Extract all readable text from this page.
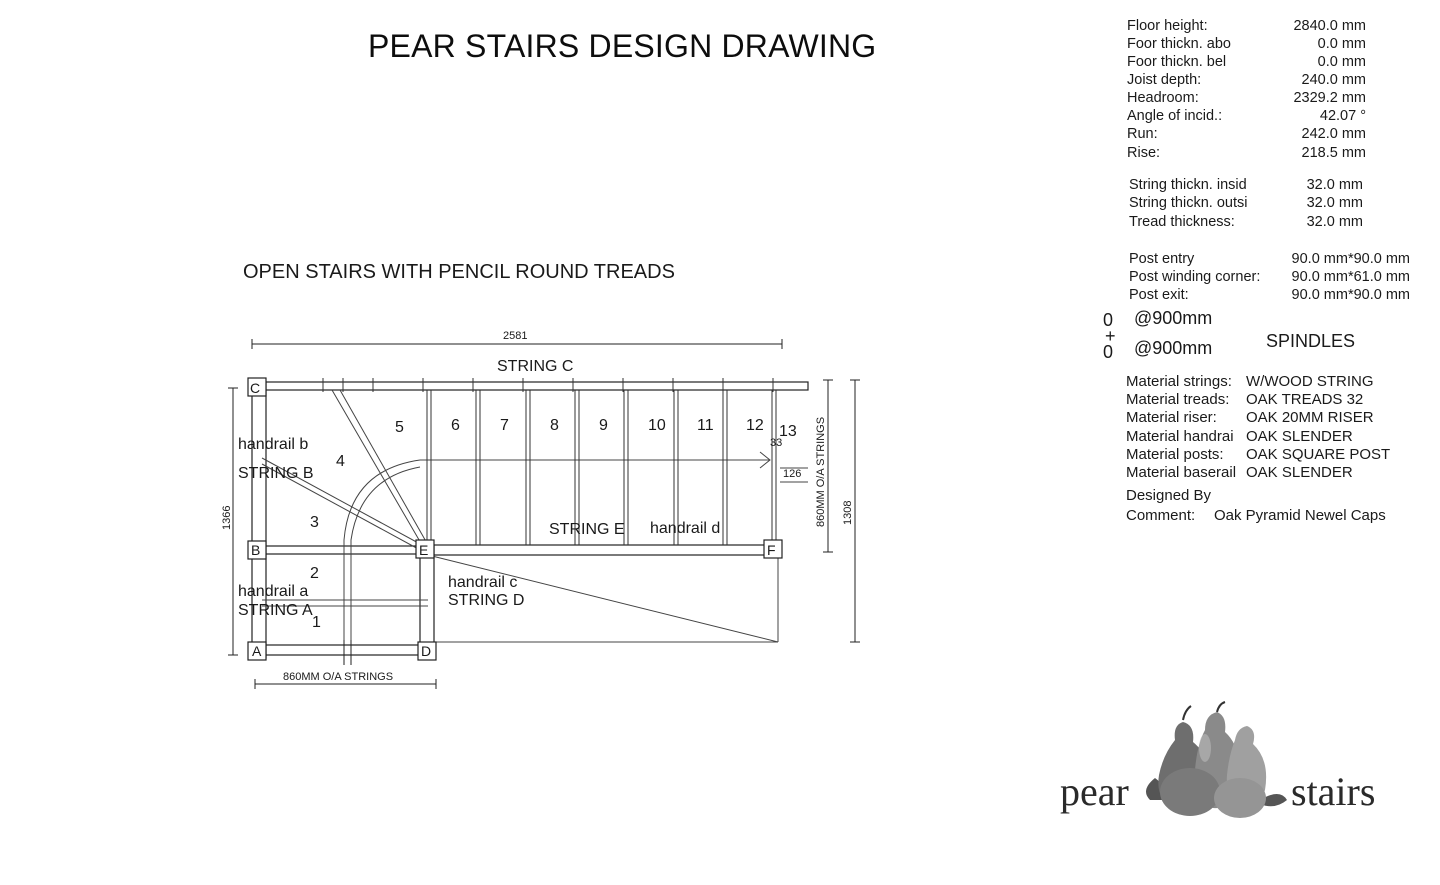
PEAR STAIRS DESIGN DRAWING
OPEN STAIRS WITH PENCIL ROUND TREADS
A
B
C
D
E	F
1
2
3
4
5	6	7	8	9	10 11 12 13
STRING C
handrail b
STRING B
handrail a
STRING A
handrail c
STRING D
STRING E handrail d
2581
860MM O/A STRINGS
33
126
1366	1308
860MM O/A STRINGS
Floor height:	2840.0 mm
Foor thickn. abo	0.0 mm
Foor thickn. bel	0.0 mm
Joist depth:	240.0 mm
Headroom:	2329.2 mm
Angle of incid.:	42.07 °
Run:	242.0 mm
Rise:	218.5 mm
String thickn. insid	32.0 mm
String thickn. outsi	32.0 mm
Tread thickness:	32.0 mm
Post entry	90.0 mm*90.0 mm
Post winding corner:	90.0 mm*61.0 mm
Post exit:	90.0 mm*90.0 mm
Material strings: W/WOOD STRING
Material treads: OAK TREADS 32
Material riser: OAK 20MM RISER
Material handrai OAK SLENDER
Material posts: OAK SQUARE POST
Material baserail OAK SLENDER
0
+
0
@900mm
@900mm	SPINDLES
Designed By
Comment: Oak Pyramid Newel Caps
pear	stairs
